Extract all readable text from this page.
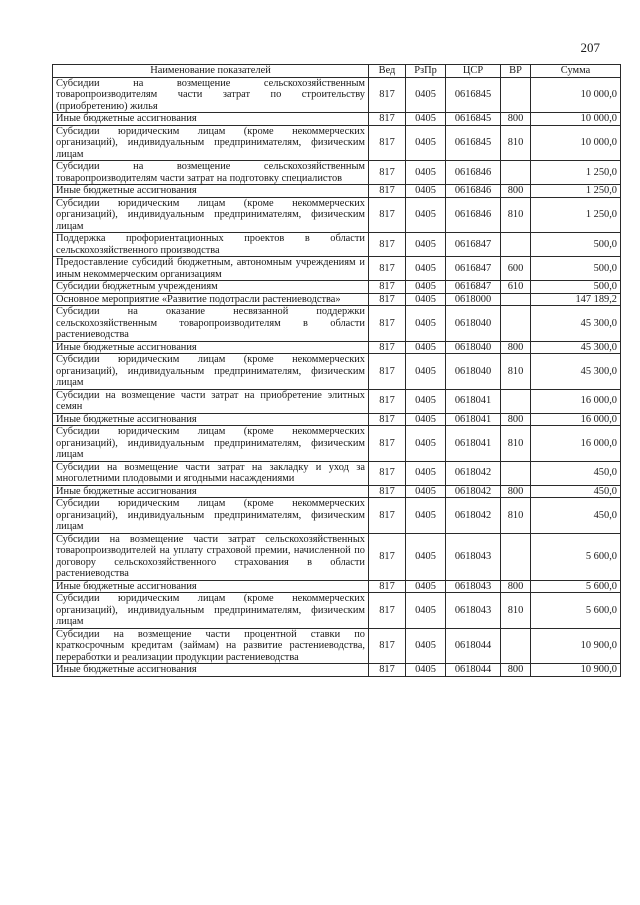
207
Наименование показателей	Вед	РзПр	ЦСР	ВР	Сумма
Субсидии на возмещение сельскохозяйственным товаропроизводителям части затрат по строительству (приобретению) жилья	817	0405	0616845		10 000,0
Иные бюджетные ассигнования	817	0405	0616845	800	10 000,0
Субсидии юридическим лицам (кроме некоммерческих организаций), индивидуальным предпринимателям, физическим лицам	817	0405	0616845	810	10 000,0
Субсидии на возмещение сельскохозяйственным товаропроизводителям части затрат на подготовку специалистов	817	0405	0616846		1 250,0
Иные бюджетные ассигнования	817	0405	0616846	800	1 250,0
Субсидии юридическим лицам (кроме некоммерческих организаций), индивидуальным предпринимателям, физическим лицам	817	0405	0616846	810	1 250,0
Поддержка профориентационных проектов в области сельскохозяйственного производства	817	0405	0616847		500,0
Предоставление субсидий бюджетным, автономным учреждениям и иным некоммерческим организациям	817	0405	0616847	600	500,0
Субсидии бюджетным учреждениям	817	0405	0616847	610	500,0
Основное мероприятие «Развитие подотрасли растениеводства»	817	0405	0618000		147 189,2
Субсидии на оказание несвязанной поддержки сельскохозяйственным товаропроизводителям в области растениеводства	817	0405	0618040		45 300,0
Иные бюджетные ассигнования	817	0405	0618040	800	45 300,0
Субсидии юридическим лицам (кроме некоммерческих организаций), индивидуальным предпринимателям, физическим лицам	817	0405	0618040	810	45 300,0
Субсидии на возмещение части затрат на приобретение элитных семян	817	0405	0618041		16 000,0
Иные бюджетные ассигнования	817	0405	0618041	800	16 000,0
Субсидии юридическим лицам (кроме некоммерческих организаций), индивидуальным предпринимателям, физическим лицам	817	0405	0618041	810	16 000,0
Субсидии на возмещение части затрат на закладку и уход за многолетними плодовыми и ягодными насаждениями	817	0405	0618042		450,0
Иные бюджетные ассигнования	817	0405	0618042	800	450,0
Субсидии юридическим лицам (кроме некоммерческих организаций), индивидуальным предпринимателям, физическим лицам	817	0405	0618042	810	450,0
Субсидии на возмещение части затрат сельскохозяйственных товаропроизводителей на уплату страховой премии, начисленной по договору сельскохозяйственного страхования в области растениеводства	817	0405	0618043		5 600,0
Иные бюджетные ассигнования	817	0405	0618043	800	5 600,0
Субсидии юридическим лицам (кроме некоммерческих организаций), индивидуальным предпринимателям, физическим лицам	817	0405	0618043	810	5 600,0
Субсидии на возмещение части процентной ставки по краткосрочным кредитам (займам) на развитие растениеводства, переработки и реализации продукции растениеводства	817	0405	0618044		10 900,0
Иные бюджетные ассигнования	817	0405	0618044	800	10 900,0
